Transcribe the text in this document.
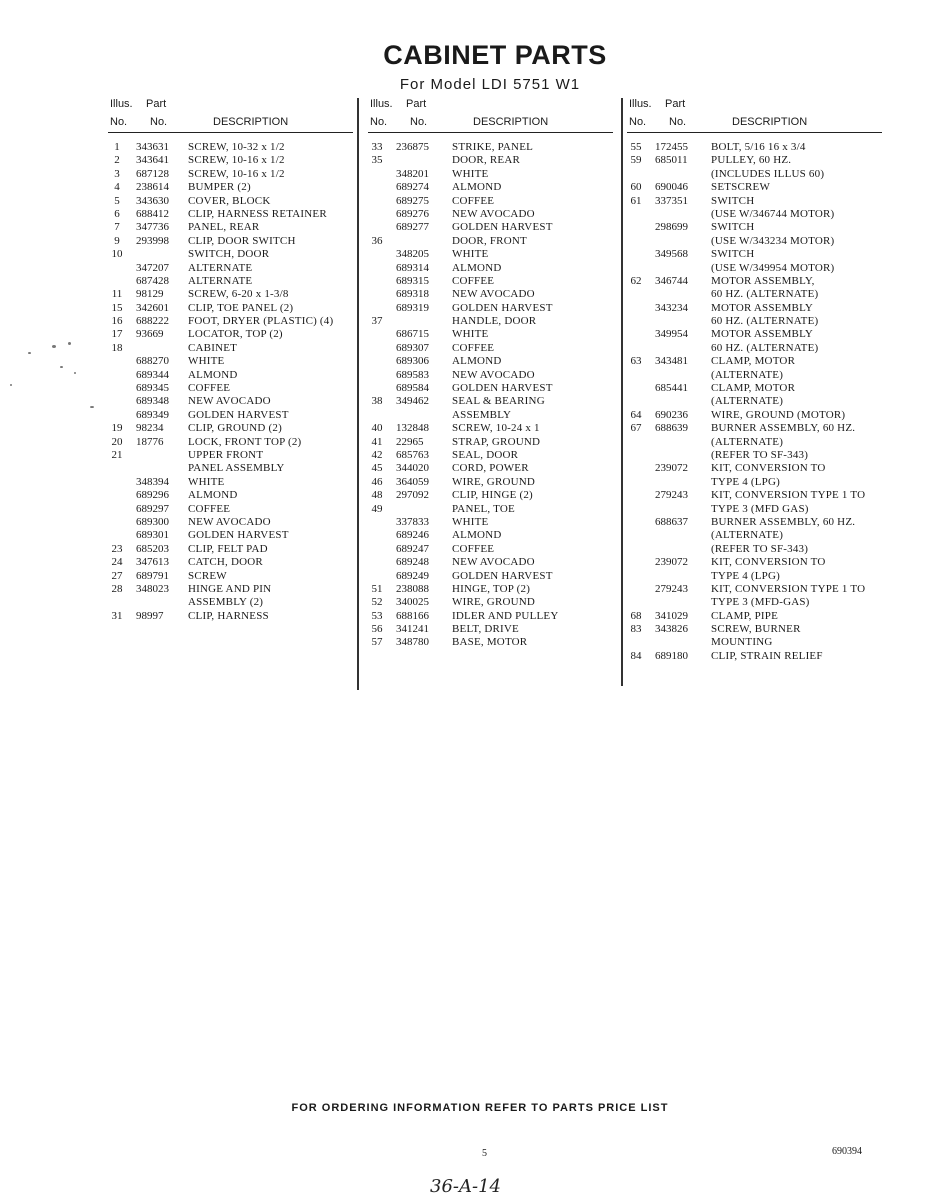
CABINET PARTS
For Model LDI 5751 W1
Illus. Part
No. No.	DESCRIPTION
1	343631 SCREW, 10-32 x 1/2
2	343641 SCREW, 10-16 x 1/2
3	687128 SCREW, 10-16 x 1/2
4	238614 BUMPER (2)
5	343630 COVER, BLOCK
6	688412 CLIP, HARNESS RETAINER
7	347736 PANEL, REAR
9	293998 CLIP, DOOR SWITCH
10	SWITCH, DOOR
347207 ALTERNATE
687428 ALTERNATE
11	98129 SCREW, 6-20 x 1-3/8
15	342601 CLIP, TOE PANEL (2)
16	688222 FOOT, DRYER (PLASTIC) (4)
17	93669 LOCATOR, TOP (2)
18	CABINET
688270 WHITE
689344 ALMOND
689345 COFFEE
689348 NEW AVOCADO
689349 GOLDEN HARVEST
19	98234 CLIP, GROUND (2)
20	18776 LOCK, FRONT TOP (2)
21	UPPER FRONT
PANEL ASSEMBLY
348394 WHITE
689296 ALMOND
689297 COFFEE
689300 NEW AVOCADO
689301 GOLDEN HARVEST
23	685203 CLIP, FELT PAD
24	347613 CATCH, DOOR
27	689791 SCREW
28	348023 HINGE AND PIN
ASSEMBLY (2)
31	98997 CLIP, HARNESS
Illus. Part
No. No.	DESCRIPTION
33	236875 STRIKE, PANEL
35	DOOR, REAR
348201 WHITE
689274 ALMOND
689275 COFFEE
689276 NEW AVOCADO
689277 GOLDEN HARVEST
36	DOOR, FRONT
348205 WHITE
689314 ALMOND
689315 COFFEE
689318 NEW AVOCADO
689319 GOLDEN HARVEST
37	HANDLE, DOOR
686715 WHITE
689307 COFFEE
689306 ALMOND
689583 NEW AVOCADO
689584 GOLDEN HARVEST
38	349462 SEAL & BEARING
ASSEMBLY
40	132848 SCREW, 10-24 x 1
41	22965	STRAP, GROUND
42	685763 SEAL, DOOR
45	344020 CORD, POWER
46	364059 WIRE, GROUND
48	297092 CLIP, HINGE (2)
49	PANEL, TOE
337833 WHITE
689246 ALMOND
689247 COFFEE
689248 NEW AVOCADO
689249 GOLDEN HARVEST
51	238088 HINGE, TOP (2)
52	340025 WIRE, GROUND
53	688166 IDLER AND PULLEY
56	341241 BELT, DRIVE
57	348780 BASE, MOTOR
Illus. Part
No. No.	DESCRIPTION
55	172455 BOLT, 5/16 16 x 3/4
59	685011 PULLEY, 60 HZ.
(INCLUDES ILLUS 60)
60	690046 SETSCREW
61	337351 SWITCH
(USE W/346744 MOTOR)
298699 SWITCH
(USE W/343234 MOTOR)
349568 SWITCH
(USE W/349954 MOTOR)
62	346744 MOTOR ASSEMBLY,
60 HZ. (ALTERNATE)
343234 MOTOR ASSEMBLY
60 HZ. (ALTERNATE)
349954 MOTOR ASSEMBLY
60 HZ. (ALTERNATE)
63	343481 CLAMP, MOTOR
(ALTERNATE)
685441 CLAMP, MOTOR
(ALTERNATE)
64	690236 WIRE, GROUND (MOTOR)
67	688639 BURNER ASSEMBLY, 60 HZ.
(ALTERNATE)
(REFER TO SF-343)
239072 KIT, CONVERSION TO
TYPE 4 (LPG)
279243 KIT, CONVERSION TYPE 1 TO
TYPE 3 (MFD GAS)
688637 BURNER ASSEMBLY, 60 HZ.
(ALTERNATE)
(REFER TO SF-343)
239072 KIT, CONVERSION TO
TYPE 4 (LPG)
279243 KIT, CONVERSION TYPE 1 TO
TYPE 3 (MFD-GAS)
68	341029 CLAMP, PIPE
83	343826 SCREW, BURNER
MOUNTING
84	689180 CLIP, STRAIN RELIEF
FOR ORDERING INFORMATION REFER TO PARTS PRICE LIST
5	690394
36-A-14
